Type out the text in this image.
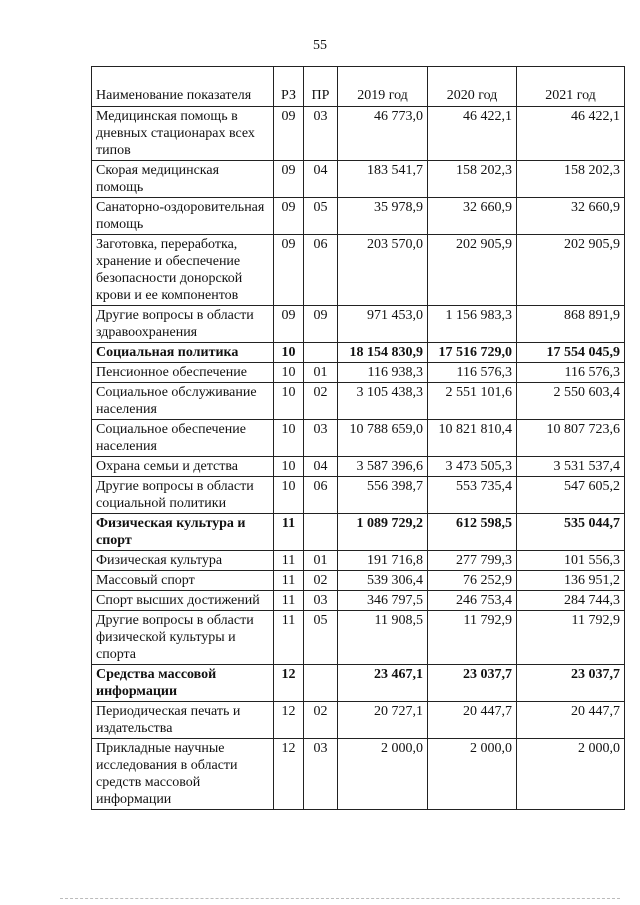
55
Наименование показателя	РЗ	ПР	2019 год	2020 год	2021 год
Медицинская помощь в дневных стационарах всех типов	09	03	46 773,0	46 422,1	46 422,1
Скорая медицинская помощь	09	04	183 541,7	158 202,3	158 202,3
Санаторно-оздоровительная помощь	09	05	35 978,9	32 660,9	32 660,9
Заготовка, переработка, хранение и обеспечение безопасности донорской крови и ее компонентов	09	06	203 570,0	202 905,9	202 905,9
Другие вопросы в области здравоохранения	09	09	971 453,0	1 156 983,3	868 891,9
Социальная политика	10		18 154 830,9	17 516 729,0	17 554 045,9
Пенсионное обеспечение	10	01	116 938,3	116 576,3	116 576,3
Социальное обслуживание населения	10	02	3 105 438,3	2 551 101,6	2 550 603,4
Социальное обеспечение населения	10	03	10 788 659,0	10 821 810,4	10 807 723,6
Охрана семьи и детства	10	04	3 587 396,6	3 473 505,3	3 531 537,4
Другие вопросы в области социальной политики	10	06	556 398,7	553 735,4	547 605,2
Физическая культура и спорт	11		1 089 729,2	612 598,5	535 044,7
Физическая культура	11	01	191 716,8	277 799,3	101 556,3
Массовый спорт	11	02	539 306,4	76 252,9	136 951,2
Спорт высших достижений	11	03	346 797,5	246 753,4	284 744,3
Другие вопросы в области физической культуры и спорта	11	05	11 908,5	11 792,9	11 792,9
Средства массовой информации	12		23 467,1	23 037,7	23 037,7
Периодическая печать и издательства	12	02	20 727,1	20 447,7	20 447,7
Прикладные научные исследования в области средств массовой информации	12	03	2 000,0	2 000,0	2 000,0
